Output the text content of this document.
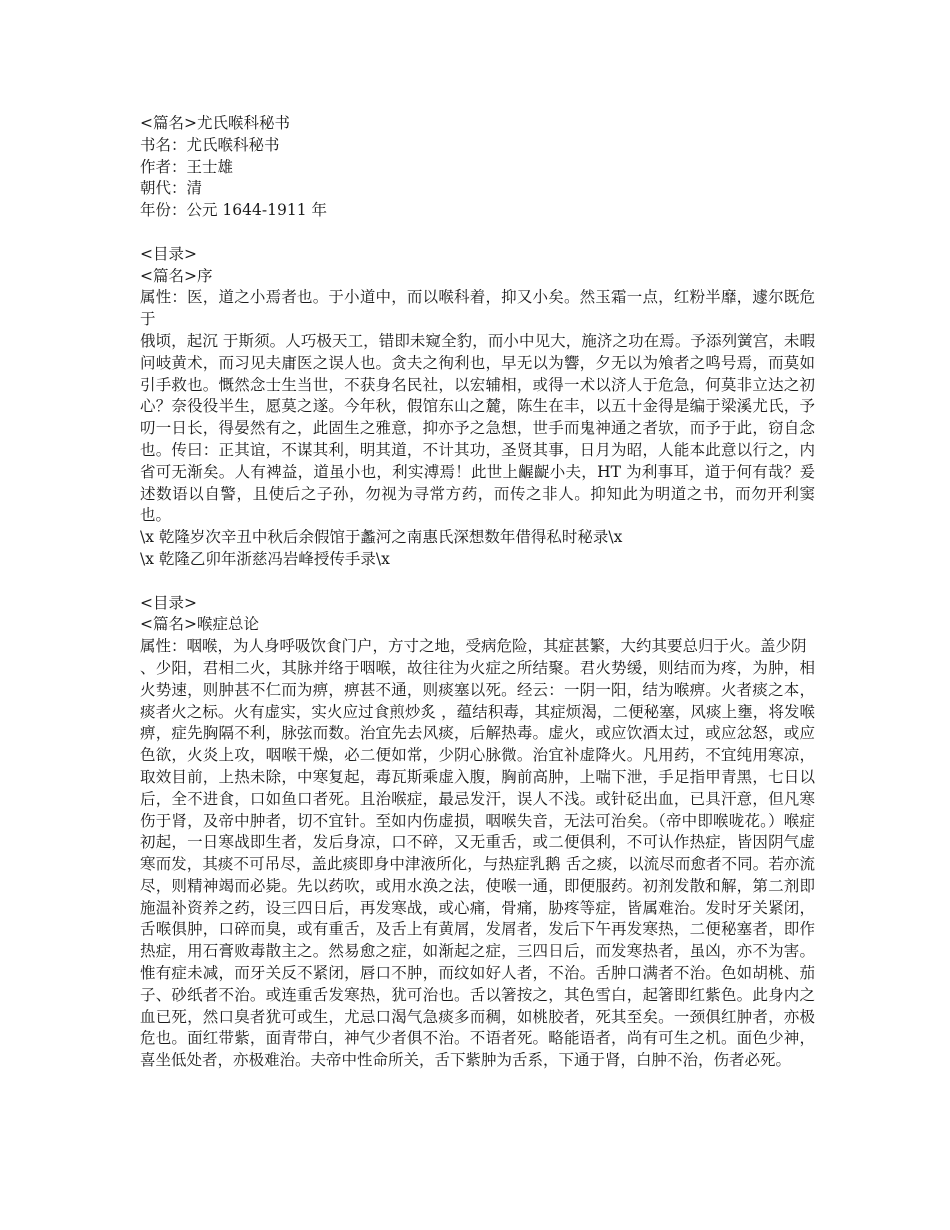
<篇名>尤氏喉科秘书

书名：尤氏喉科秘书

作者：王士雄

朝代：清

年份：公元 1644-1911 年

<目录>

<篇名>序

属性：医，道之小焉者也。于小道中，而以喉科着，抑又小矣。然玉霜一点，红粉半靡，遽尔既危于

俄顷，起沉 于斯须。人巧极天工，错即未窥全豹，而小中见大，施济之功在焉。予添列黉宫，未暇问岐黄术，而习见夫庸医之误人也。贪夫之徇利也，早无以为響，夕无以为飧者之鸣号焉，而莫如引手救也。慨然念士生当世，不获身名民社，以宏辅相，或得一术以济人于危急，何莫非立达之初心？奈役役半生，愿莫之遂。今年秋，假馆东山之麓，陈生在丰，以五十金得是编于梁溪尤氏，予叨一日长，得晏然有之，此固生之雅意，抑亦予之急想，世手而鬼神通之者欤，而予于此，窃自念也。传曰：正其谊，不谋其利，明其道，不计其功，圣贤其事，日月为昭，人能本此意以行之，内省可无渐矣。人有裨益，道虽小也，利实溥焉！此世上齷齪小夫，HT 为利事耳，道于何有哉？爰述数语以自警，且使后之子孙，勿视为寻常方药，而传之非人。抑知此为明道之书，而勿开利窦也。

\x 乾隆岁次辛丑中秋后余假馆于蠡河之南惠氏深想数年借得私时秘录\x

\x 乾隆乙卯年浙慈冯岩峰授传手录\x

<目录>

<篇名>喉症总论

属性：咽喉，为人身呼吸饮食门户，方寸之地，受病危险，其症甚繁，大约其要总归于火。盖少阴

、少阳，君相二火，其脉并络于咽喉，故往往为火症之所结聚。君火势缓，则结而为疼，为肿，相火势速，则肿甚不仁而为痹，痹甚不通，则痰塞以死。经云：一阴一阳，结为喉痹。火者痰之本，痰者火之标。火有虚实，实火应过食煎炒炙 ，蕴结积毒，其症烦渴，二便秘塞，风痰上壅，将发喉痹，症先胸隔不利，脉弦而数。治宜先去风痰，后解热毒。虚火，或应饮酒太过，或应忿怒，或应色欲，火炎上攻，咽喉干燥，必二便如常，少阴心脉微。治宜补虚降火。凡用药，不宜纯用寒凉，取效目前，上热未除，中寒复起，毒瓦斯乘虚入腹，胸前高肿，上喘下泄，手足指甲青黑，七日以后，全不进食，口如鱼口者死。且治喉症，最忌发汗，误人不浅。或针砭出血，已具汗意，但凡寒伤于肾，及帝中肿者，切不宜针。至如内伤虚损，咽喉失音，无法可治矣。（帝中即喉咙花。）喉症初起，一日寒战即生者，发后身凉，口不碎，又无重舌，或二便俱利，不可认作热症，皆因阴气虚寒而发，其痰不可吊尽，盖此痰即身中津液所化，与热症乳鹅 舌之痰，以流尽而愈者不同。若亦流尽，则精神竭而必毙。先以药吹，或用水涣之法，使喉一通，即便服药。初剂发散和解，第二剂即施温补资养之药，设三四日后，再发寒战，或心痛，骨痛，胁疼等症，皆属难治。发时牙关紧闭，舌喉俱肿，口碎而臭，或有重舌，及舌上有黄屑，发屑者，发后下午再发寒热，二便秘塞者，即作热症，用石膏败毒散主之。然易愈之症，如渐起之症，三四日后，而发寒热者，虽凶，亦不为害。惟有症未减，而牙关反不紧闭，唇口不肿，而纹如好人者，不治。舌肿口满者不治。色如胡桃、茄子、砂纸者不治。或连重舌发寒热，犹可治也。舌以箸按之，其色雪白，起箸即红紫色。此身内之血已死，然口臭者犹可或生，尤忌口渴气急痰多而稠，如桃胶者，死其至矣。一颈俱红肿者，亦极危也。面红带紫，面青带白，神气少者俱不治。不语者死。略能语者，尚有可生之机。面色少神，喜坐低处者，亦极难治。夫帝中性命所关，舌下紫肿为舌系，下通于肾，白肿不治，伤者必死。
